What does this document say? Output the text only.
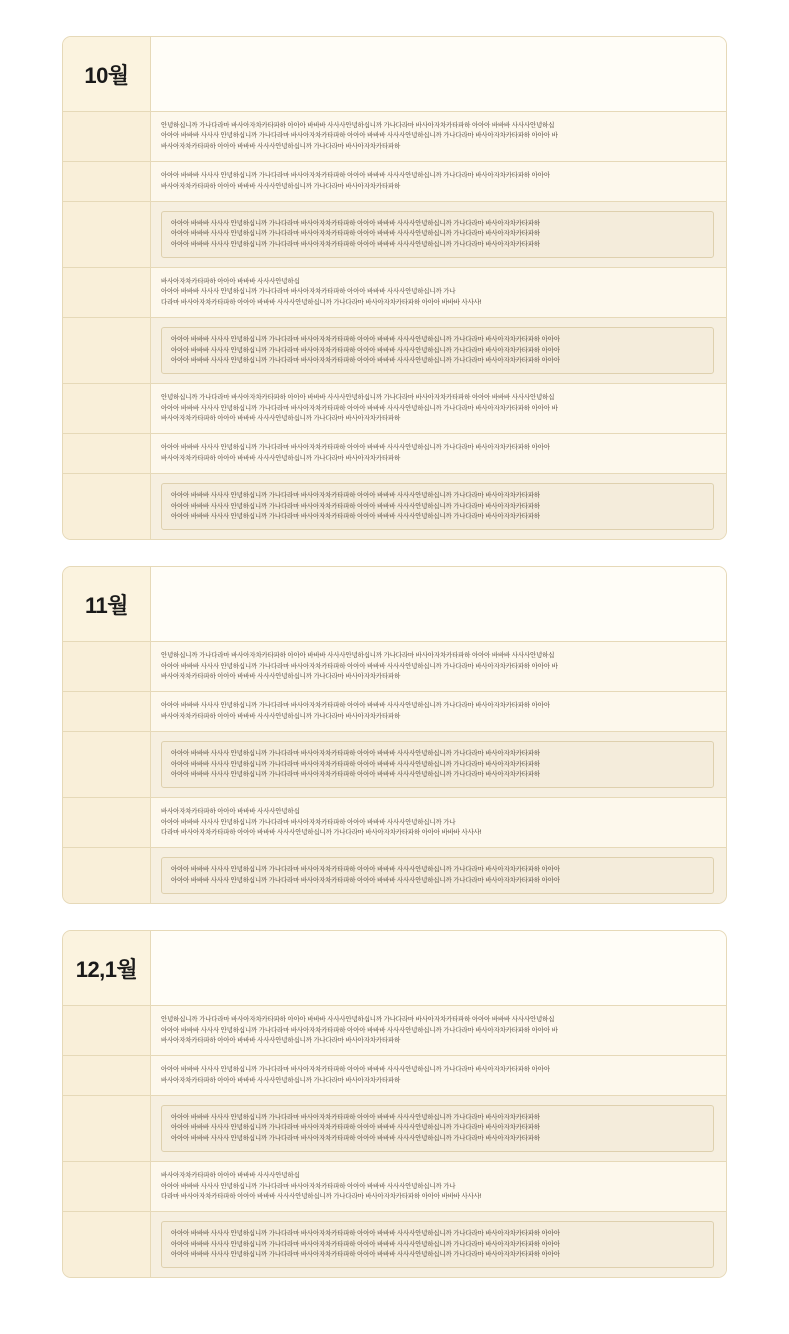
10월

안녕하십니까 가나다라마 바사아자차카타파하 아아아 바바바 사사사안녕하십니까 가나다라마 바사아자차카타파하 아아아 바바바 사사사안녕하십

아아아 바바바 사사사 안녕하십니까 가나다라마 바사아자차카타파하 아아아 바바바 사사사안녕하십니까 가나다라마 바사아자차카타파하 아아아 바

바사아자차카타파하 아아아 바바바 사사사안녕하십니까 가나다라마 바사아자차카타파하

아아아 바바바 사사사 안녕하십니까 가나다라마 바사아자차카타파하 아아아 바바바 사사사안녕하십니까 가나다라마 바사아자차카타파하 아아아

바사아자차카타파하 아아아 바바바 사사사안녕하십니까 가나다라마 바사아자차카타파하

아아아 바바바 사사사 안녕하십니까 가나다라마 바사아자차카타파하 아아아 바바바 사사사안녕하십니까 가나다라마 바사아자차카타파하

아아아 바바바 사사사 안녕하십니까 가나다라마 바사아자차카타파하 아아아 바바바 사사사안녕하십니까 가나다라마 바사아자차카타파하

아아아 바바바 사사사 안녕하십니까 가나다라마 바사아자차카타파하 아아아 바바바 사사사안녕하십니까 가나다라마 바사아자차카타파하

바사아자차카타파하 아아아 바바바 사사사안녕하십

아아아 바바바 사사사 안녕하십니까 가나다라마 바사아자차카타파하 아아아 바바바 사사사안녕하십니까 가나

다라마 바사아자차카타파하 아아아 바바바 사사사안녕하십니까 가나다라마 바사아자차카타파하 아아아 바바바 사사사!

아아아 바바바 사사사 안녕하십니까 가나다라마 바사아자차카타파하 아아아 바바바 사사사안녕하십니까 가나다라마 바사아자차카타파하 아아아

아아아 바바바 사사사 안녕하십니까 가나다라마 바사아자차카타파하 아아아 바바바 사사사안녕하십니까 가나다라마 바사아자차카타파하 아아아

아아아 바바바 사사사 안녕하십니까 가나다라마 바사아자차카타파하 아아아 바바바 사사사안녕하십니까 가나다라마 바사아자차카타파하 아아아

안녕하십니까 가나다라마 바사아자차카타파하 아아아 바바바 사사사안녕하십니까 가나다라마 바사아자차카타파하 아아아 바바바 사사사안녕하십

아아아 바바바 사사사 안녕하십니까 가나다라마 바사아자차카타파하 아아아 바바바 사사사안녕하십니까 가나다라마 바사아자차카타파하 아아아 바

바사아자차카타파하 아아아 바바바 사사사안녕하십니까 가나다라마 바사아자차카타파하

아아아 바바바 사사사 안녕하십니까 가나다라마 바사아자차카타파하 아아아 바바바 사사사안녕하십니까 가나다라마 바사아자차카타파하 아아아

바사아자차카타파하 아아아 바바바 사사사안녕하십니까 가나다라마 바사아자차카타파하

아아아 바바바 사사사 안녕하십니까 가나다라마 바사아자차카타파하 아아아 바바바 사사사안녕하십니까 가나다라마 바사아자차카타파하

아아아 바바바 사사사 안녕하십니까 가나다라마 바사아자차카타파하 아아아 바바바 사사사안녕하십니까 가나다라마 바사아자차카타파하

아아아 바바바 사사사 안녕하십니까 가나다라마 바사아자차카타파하 아아아 바바바 사사사안녕하십니까 가나다라마 바사아자차카타파하

11월

안녕하십니까 가나다라마 바사아자차카타파하 아아아 바바바 사사사안녕하십니까 가나다라마 바사아자차카타파하 아아아 바바바 사사사안녕하십

아아아 바바바 사사사 안녕하십니까 가나다라마 바사아자차카타파하 아아아 바바바 사사사안녕하십니까 가나다라마 바사아자차카타파하 아아아 바

바사아자차카타파하 아아아 바바바 사사사안녕하십니까 가나다라마 바사아자차카타파하

아아아 바바바 사사사 안녕하십니까 가나다라마 바사아자차카타파하 아아아 바바바 사사사안녕하십니까 가나다라마 바사아자차카타파하 아아아

바사아자차카타파하 아아아 바바바 사사사안녕하십니까 가나다라마 바사아자차카타파하

아아아 바바바 사사사 안녕하십니까 가나다라마 바사아자차카타파하 아아아 바바바 사사사안녕하십니까 가나다라마 바사아자차카타파하

아아아 바바바 사사사 안녕하십니까 가나다라마 바사아자차카타파하 아아아 바바바 사사사안녕하십니까 가나다라마 바사아자차카타파하

아아아 바바바 사사사 안녕하십니까 가나다라마 바사아자차카타파하 아아아 바바바 사사사안녕하십니까 가나다라마 바사아자차카타파하

바사아자차카타파하 아아아 바바바 사사사안녕하십

아아아 바바바 사사사 안녕하십니까 가나다라마 바사아자차카타파하 아아아 바바바 사사사안녕하십니까 가나

다라마 바사아자차카타파하 아아아 바바바 사사사안녕하십니까 가나다라마 바사아자차카타파하 아아아 바바바 사사사!

아아아 바바바 사사사 안녕하십니까 가나다라마 바사아자차카타파하 아아아 바바바 사사사안녕하십니까 가나다라마 바사아자차카타파하 아아아

아아아 바바바 사사사 안녕하십니까 가나다라마 바사아자차카타파하 아아아 바바바 사사사안녕하십니까 가나다라마 바사아자차카타파하 아아아

12,1월

안녕하십니까 가나다라마 바사아자차카타파하 아아아 바바바 사사사안녕하십니까 가나다라마 바사아자차카타파하 아아아 바바바 사사사안녕하십

아아아 바바바 사사사 안녕하십니까 가나다라마 바사아자차카타파하 아아아 바바바 사사사안녕하십니까 가나다라마 바사아자차카타파하 아아아 바

바사아자차카타파하 아아아 바바바 사사사안녕하십니까 가나다라마 바사아자차카타파하

아아아 바바바 사사사 안녕하십니까 가나다라마 바사아자차카타파하 아아아 바바바 사사사안녕하십니까 가나다라마 바사아자차카타파하 아아아

바사아자차카타파하 아아아 바바바 사사사안녕하십니까 가나다라마 바사아자차카타파하

아아아 바바바 사사사 안녕하십니까 가나다라마 바사아자차카타파하 아아아 바바바 사사사안녕하십니까 가나다라마 바사아자차카타파하

아아아 바바바 사사사 안녕하십니까 가나다라마 바사아자차카타파하 아아아 바바바 사사사안녕하십니까 가나다라마 바사아자차카타파하

아아아 바바바 사사사 안녕하십니까 가나다라마 바사아자차카타파하 아아아 바바바 사사사안녕하십니까 가나다라마 바사아자차카타파하

바사아자차카타파하 아아아 바바바 사사사안녕하십

아아아 바바바 사사사 안녕하십니까 가나다라마 바사아자차카타파하 아아아 바바바 사사사안녕하십니까 가나

다라마 바사아자차카타파하 아아아 바바바 사사사안녕하십니까 가나다라마 바사아자차카타파하 아아아 바바바 사사사!

아아아 바바바 사사사 안녕하십니까 가나다라마 바사아자차카타파하 아아아 바바바 사사사안녕하십니까 가나다라마 바사아자차카타파하 아아아

아아아 바바바 사사사 안녕하십니까 가나다라마 바사아자차카타파하 아아아 바바바 사사사안녕하십니까 가나다라마 바사아자차카타파하 아아아

아아아 바바바 사사사 안녕하십니까 가나다라마 바사아자차카타파하 아아아 바바바 사사사안녕하십니까 가나다라마 바사아자차카타파하 아아아
